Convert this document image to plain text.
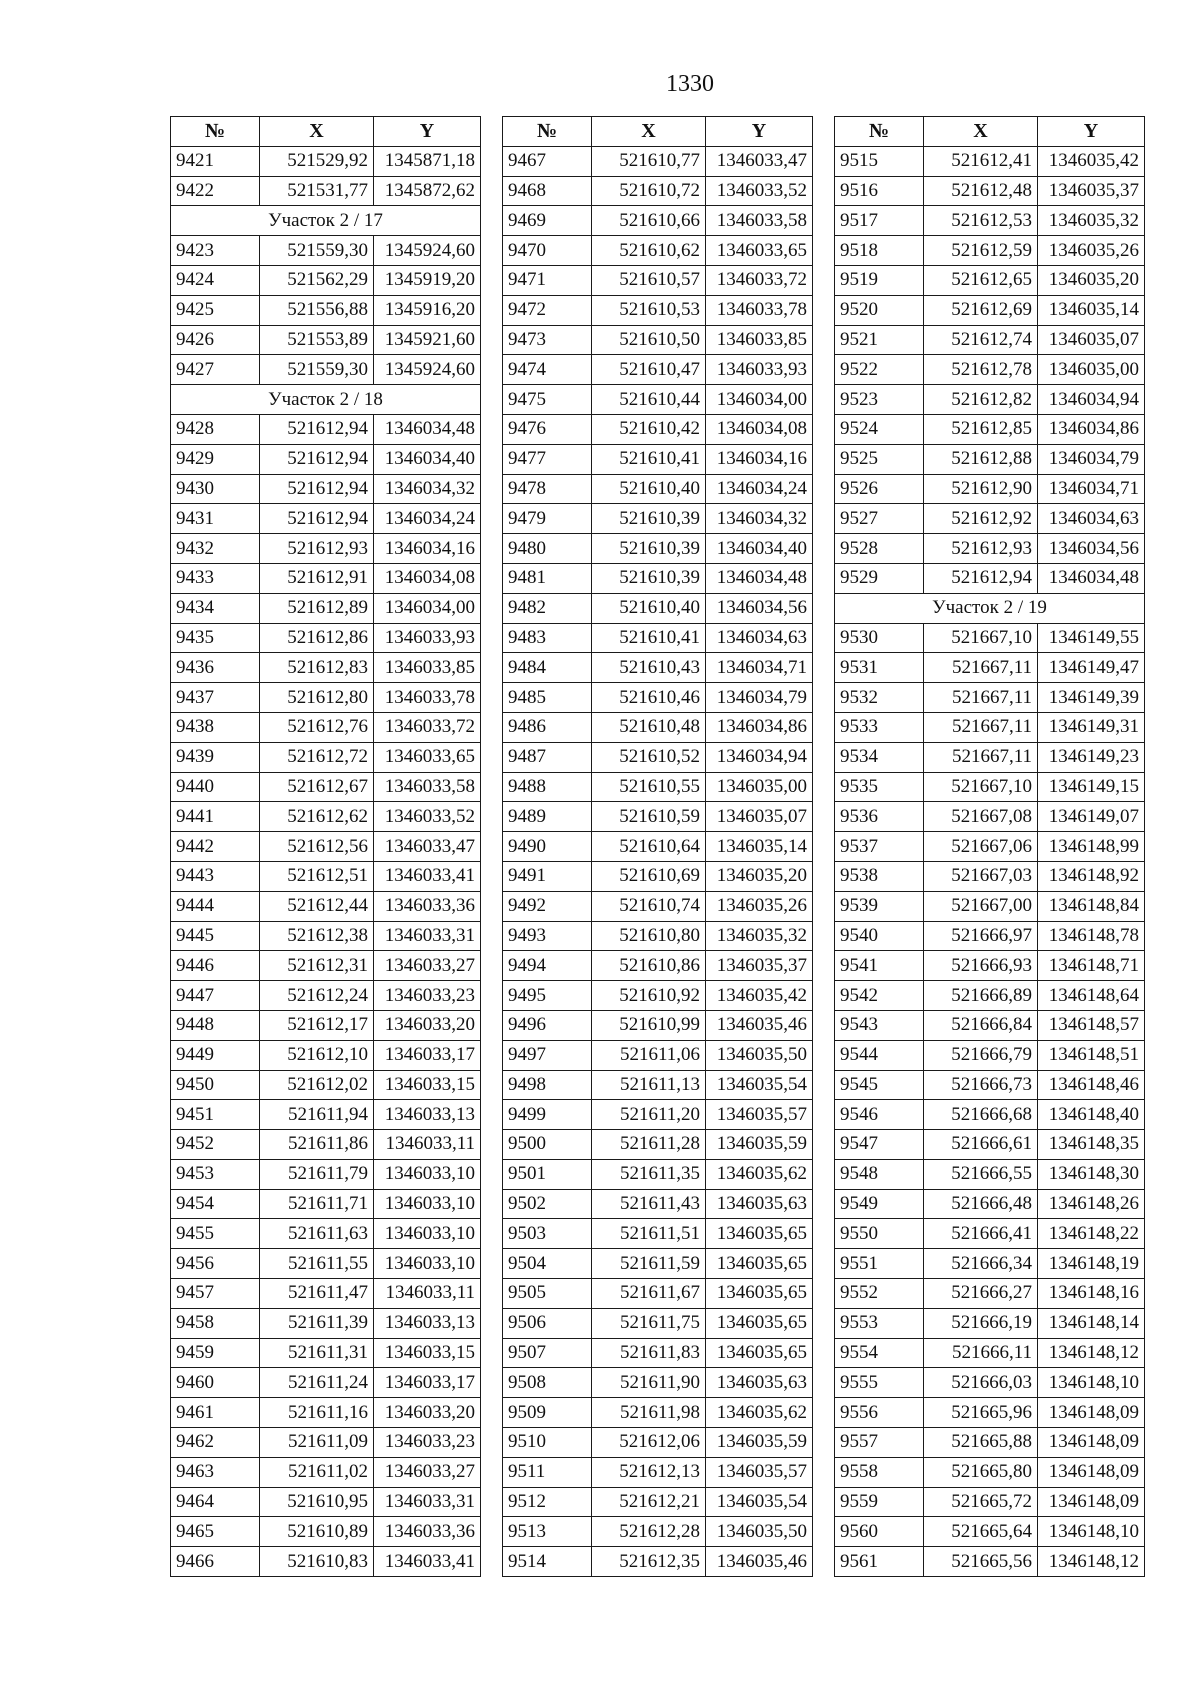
1330
№	X	Y
9421	521529,92	1345871,18
9422	521531,77	1345872,62
Участок 2 / 17		
9423	521559,30	1345924,60
9424	521562,29	1345919,20
9425	521556,88	1345916,20
9426	521553,89	1345921,60
9427	521559,30	1345924,60
Участок 2 / 18		
9428	521612,94	1346034,48
9429	521612,94	1346034,40
9430	521612,94	1346034,32
9431	521612,94	1346034,24
9432	521612,93	1346034,16
9433	521612,91	1346034,08
9434	521612,89	1346034,00
9435	521612,86	1346033,93
9436	521612,83	1346033,85
9437	521612,80	1346033,78
9438	521612,76	1346033,72
9439	521612,72	1346033,65
9440	521612,67	1346033,58
9441	521612,62	1346033,52
9442	521612,56	1346033,47
9443	521612,51	1346033,41
9444	521612,44	1346033,36
9445	521612,38	1346033,31
9446	521612,31	1346033,27
9447	521612,24	1346033,23
9448	521612,17	1346033,20
9449	521612,10	1346033,17
9450	521612,02	1346033,15
9451	521611,94	1346033,13
9452	521611,86	1346033,11
9453	521611,79	1346033,10
9454	521611,71	1346033,10
9455	521611,63	1346033,10
9456	521611,55	1346033,10
9457	521611,47	1346033,11
9458	521611,39	1346033,13
9459	521611,31	1346033,15
9460	521611,24	1346033,17
9461	521611,16	1346033,20
9462	521611,09	1346033,23
9463	521611,02	1346033,27
9464	521610,95	1346033,31
9465	521610,89	1346033,36
9466	521610,83	1346033,41
№	X	Y
9467	521610,77	1346033,47
9468	521610,72	1346033,52
9469	521610,66	1346033,58
9470	521610,62	1346033,65
9471	521610,57	1346033,72
9472	521610,53	1346033,78
9473	521610,50	1346033,85
9474	521610,47	1346033,93
9475	521610,44	1346034,00
9476	521610,42	1346034,08
9477	521610,41	1346034,16
9478	521610,40	1346034,24
9479	521610,39	1346034,32
9480	521610,39	1346034,40
9481	521610,39	1346034,48
9482	521610,40	1346034,56
9483	521610,41	1346034,63
9484	521610,43	1346034,71
9485	521610,46	1346034,79
9486	521610,48	1346034,86
9487	521610,52	1346034,94
9488	521610,55	1346035,00
9489	521610,59	1346035,07
9490	521610,64	1346035,14
9491	521610,69	1346035,20
9492	521610,74	1346035,26
9493	521610,80	1346035,32
9494	521610,86	1346035,37
9495	521610,92	1346035,42
9496	521610,99	1346035,46
9497	521611,06	1346035,50
9498	521611,13	1346035,54
9499	521611,20	1346035,57
9500	521611,28	1346035,59
9501	521611,35	1346035,62
9502	521611,43	1346035,63
9503	521611,51	1346035,65
9504	521611,59	1346035,65
9505	521611,67	1346035,65
9506	521611,75	1346035,65
9507	521611,83	1346035,65
9508	521611,90	1346035,63
9509	521611,98	1346035,62
9510	521612,06	1346035,59
9511	521612,13	1346035,57
9512	521612,21	1346035,54
9513	521612,28	1346035,50
9514	521612,35	1346035,46
№	X	Y
9515	521612,41	1346035,42
9516	521612,48	1346035,37
9517	521612,53	1346035,32
9518	521612,59	1346035,26
9519	521612,65	1346035,20
9520	521612,69	1346035,14
9521	521612,74	1346035,07
9522	521612,78	1346035,00
9523	521612,82	1346034,94
9524	521612,85	1346034,86
9525	521612,88	1346034,79
9526	521612,90	1346034,71
9527	521612,92	1346034,63
9528	521612,93	1346034,56
9529	521612,94	1346034,48
Участок 2 / 19		
9530	521667,10	1346149,55
9531	521667,11	1346149,47
9532	521667,11	1346149,39
9533	521667,11	1346149,31
9534	521667,11	1346149,23
9535	521667,10	1346149,15
9536	521667,08	1346149,07
9537	521667,06	1346148,99
9538	521667,03	1346148,92
9539	521667,00	1346148,84
9540	521666,97	1346148,78
9541	521666,93	1346148,71
9542	521666,89	1346148,64
9543	521666,84	1346148,57
9544	521666,79	1346148,51
9545	521666,73	1346148,46
9546	521666,68	1346148,40
9547	521666,61	1346148,35
9548	521666,55	1346148,30
9549	521666,48	1346148,26
9550	521666,41	1346148,22
9551	521666,34	1346148,19
9552	521666,27	1346148,16
9553	521666,19	1346148,14
9554	521666,11	1346148,12
9555	521666,03	1346148,10
9556	521665,96	1346148,09
9557	521665,88	1346148,09
9558	521665,80	1346148,09
9559	521665,72	1346148,09
9560	521665,64	1346148,10
9561	521665,56	1346148,12
